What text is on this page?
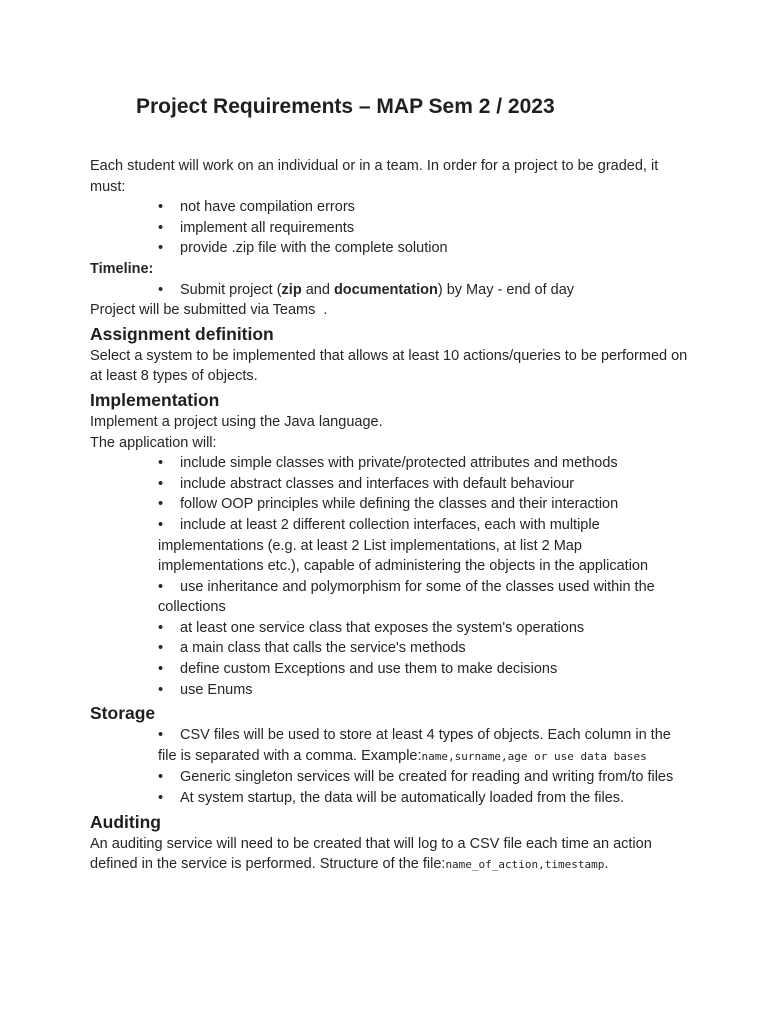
Project Requirements – MAP Sem 2 / 2023

Each student will work on an individual or in a team. In order for a project to be graded, it must:

• not have compilation errors
• implement all requirements
• provide .zip file with the complete solution

Timeline:

• Submit project (zip and documentation) by May - end of day

Project will be submitted via Teams  .

Assignment definition

Select a system to be implemented that allows at least 10 actions/queries to be performed on at least 8 types of objects.

Implementation

Implement a project using the Java language.

The application will:

• include simple classes with private/protected attributes and methods
• include abstract classes and interfaces with default behaviour
• follow OOP principles while defining the classes and their interaction
• include at least 2 different collection interfaces, each with multiple implementations (e.g. at least 2 List implementations, at list 2 Map implementations etc.), capable of administering the objects in the application
• use inheritance and polymorphism for some of the classes used within the collections
• at least one service class that exposes the system's operations
• a main class that calls the service's methods
• define custom Exceptions and use them to make decisions
• use Enums
Storage
• CSV files will be used to store at least 4 types of objects. Each column in the file is separated with a comma. Example:name,surname,age or use data bases
• Generic singleton services will be created for reading and writing from/to files
• At system startup, the data will be automatically loaded from the files.
Auditing

An auditing service will need to be created that will log to a CSV file each time an action defined in the service is performed. Structure of the file:name_of_action,timestamp.
